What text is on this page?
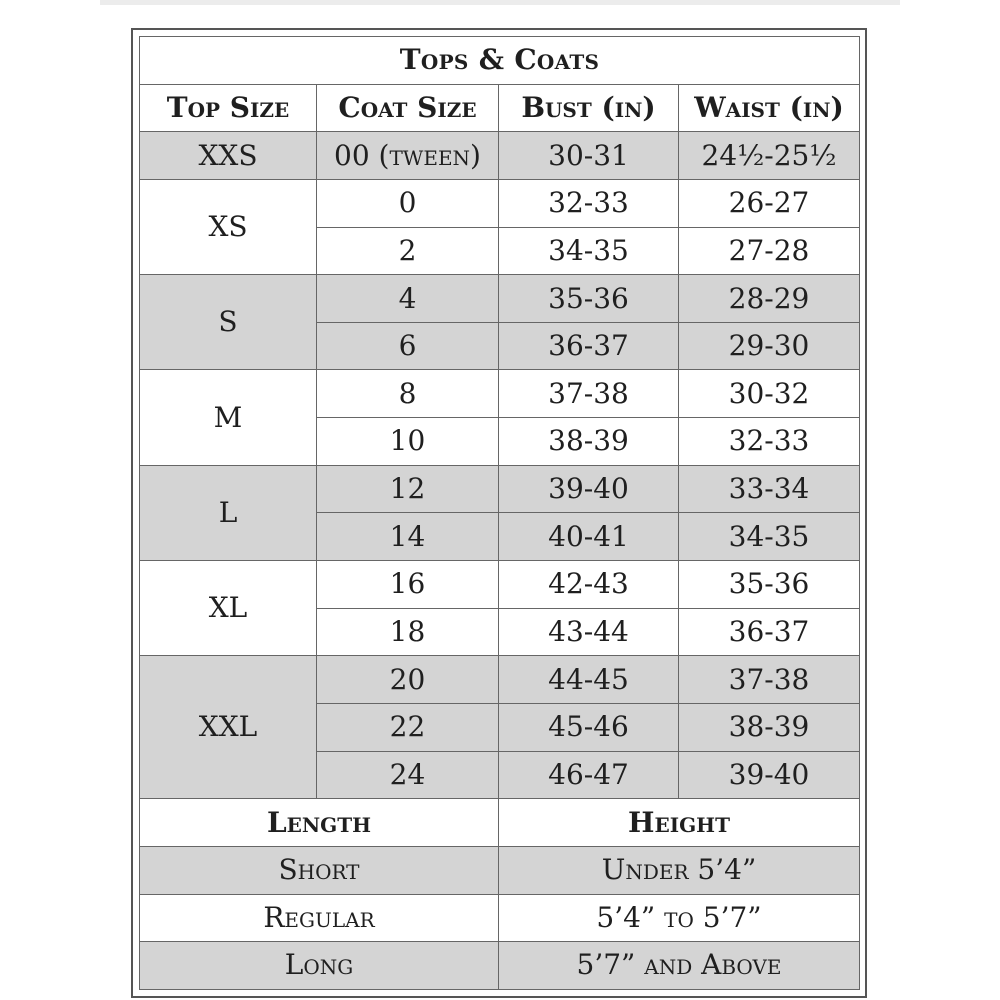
Tops & Coats			
Top Size	Coat Size	Bust (in)	Waist (in)
XXS	00 (tween)	30-31	24½-25½
XS	0	32-33	26-27
	2	34-35	27-28
S	4	35-36	28-29
	6	36-37	29-30
M	8	37-38	30-32
	10	38-39	32-33
L	12	39-40	33-34
	14	40-41	34-35
XL	16	42-43	35-36
	18	43-44	36-37
XXL	20	44-45	37-38
	22	45-46	38-39
	24	46-47	39-40
Length		Height	
Short		Under 5’4”	
Regular		5’4” to 5’7”	
Long		5’7” and Above	
